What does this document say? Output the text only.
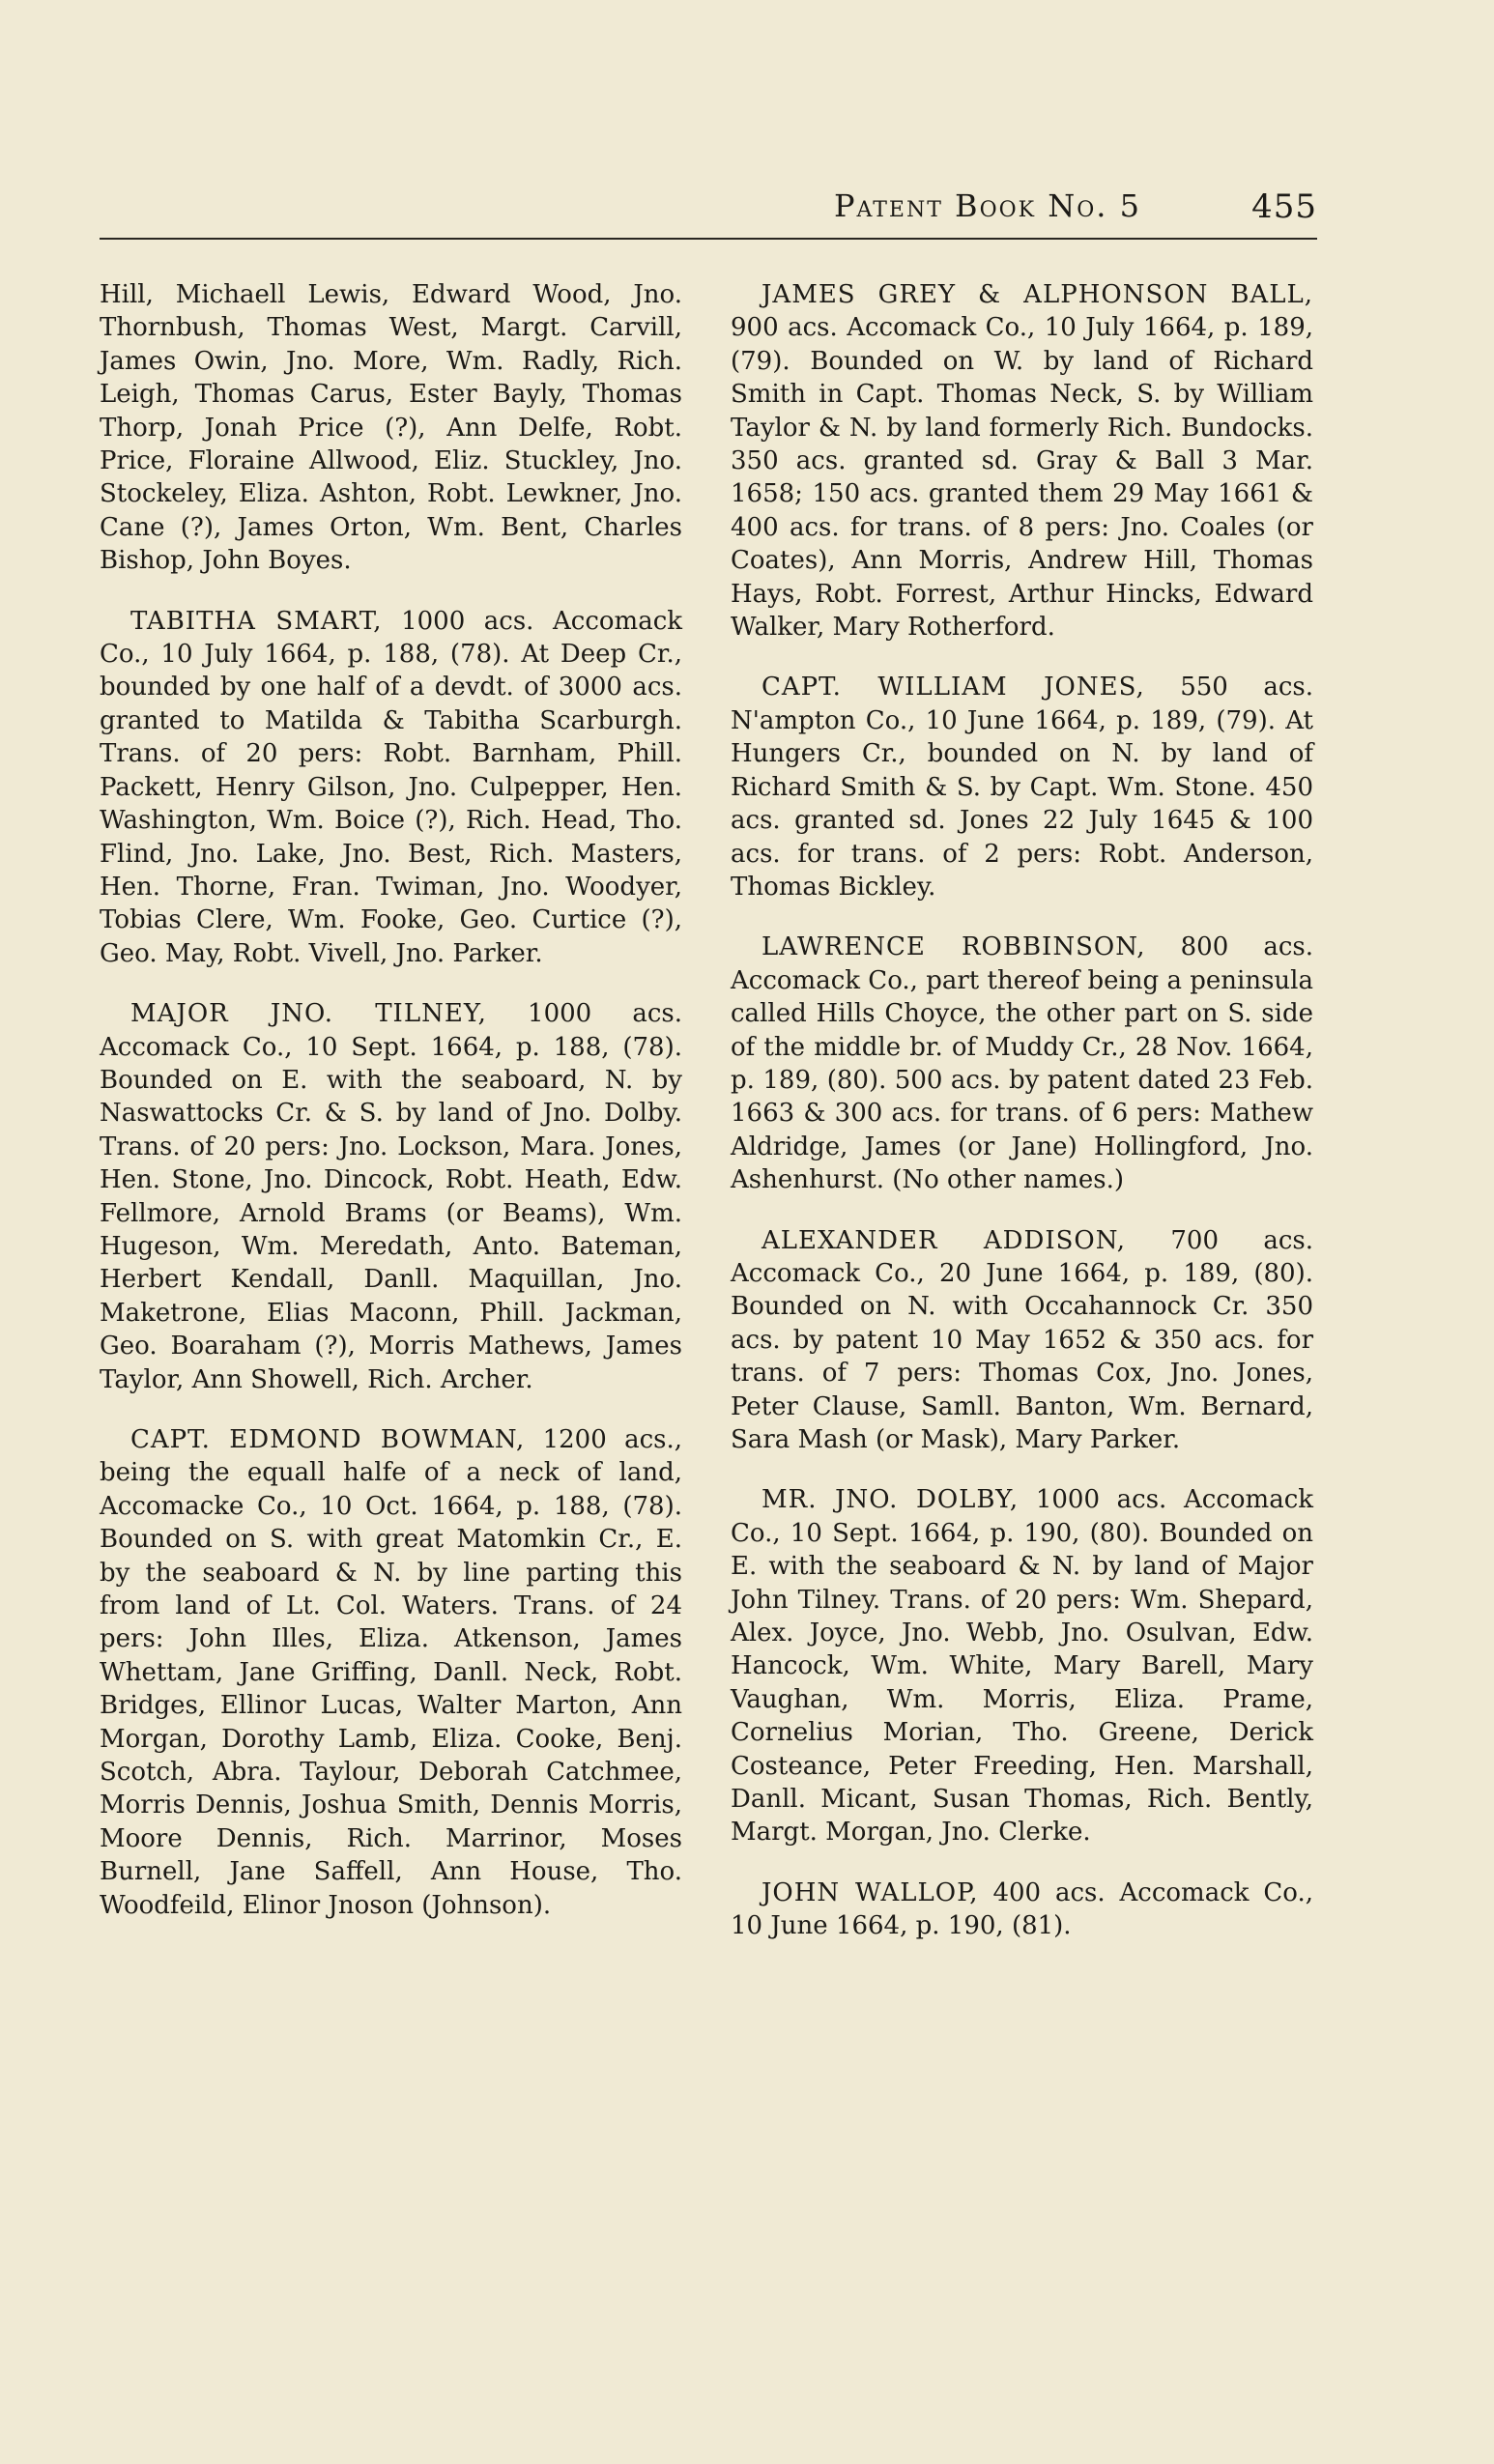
Patent Book No. 5	455

Hill, Michaell Lewis, Edward Wood, Jno. Thornbush, Thomas West, Margt. Carvill, James Owin, Jno. More, Wm. Radly, Rich. Leigh, Thomas Carus, Ester Bayly, Thomas Thorp, Jonah Price (?), Ann Delfe, Robt. Price, Floraine Allwood, Eliz. Stuckley, Jno. Stockeley, Eliza. Ashton, Robt. Lewkner, Jno. Cane (?), James Orton, Wm. Bent, Charles Bishop, John Boyes.

TABITHA SMART, 1000 acs. Accomack Co., 10 July 1664, p. 188, (78). At Deep Cr., bounded by one half of a devdt. of 3000 acs. granted to Matilda & Tabitha Scarburgh. Trans. of 20 pers: Robt. Barnham, Phill. Packett, Henry Gilson, Jno. Culpepper, Hen. Washington, Wm. Boice (?), Rich. Head, Tho. Flind, Jno. Lake, Jno. Best, Rich. Masters, Hen. Thorne, Fran. Twiman, Jno. Woodyer, Tobias Clere, Wm. Fooke, Geo. Curtice (?), Geo. May, Robt. Vivell, Jno. Parker.

MAJOR JNO. TILNEY, 1000 acs. Accomack Co., 10 Sept. 1664, p. 188, (78). Bounded on E. with the seaboard, N. by Naswattocks Cr. & S. by land of Jno. Dolby. Trans. of 20 pers: Jno. Lockson, Mara. Jones, Hen. Stone, Jno. Dincock, Robt. Heath, Edw. Fellmore, Arnold Brams (or Beams), Wm. Hugeson, Wm. Meredath, Anto. Bateman, Herbert Kendall, Danll. Maquillan, Jno. Maketrone, Elias Maconn, Phill. Jackman, Geo. Boaraham (?), Morris Mathews, James Taylor, Ann Showell, Rich. Archer.

CAPT. EDMOND BOWMAN, 1200 acs., being the equall halfe of a neck of land, Accomacke Co., 10 Oct. 1664, p. 188, (78). Bounded on S. with great Matomkin Cr., E. by the seaboard & N. by line parting this from land of Lt. Col. Waters. Trans. of 24 pers: John Illes, Eliza. Atkenson, James Whettam, Jane Griffing, Danll. Neck, Robt. Bridges, Ellinor Lucas, Walter Marton, Ann Morgan, Dorothy Lamb, Eliza. Cooke, Benj. Scotch, Abra. Taylour, Deborah Catchmee, Morris Dennis, Joshua Smith, Dennis Morris, Moore Dennis, Rich. Marrinor, Moses Burnell, Jane Saffell, Ann House, Tho. Woodfeild, Elinor Jnoson (Johnson).

JAMES GREY & ALPHONSON BALL, 900 acs. Accomack Co., 10 July 1664, p. 189, (79). Bounded on W. by land of Richard Smith in Capt. Thomas Neck, S. by William Taylor & N. by land formerly Rich. Bundocks. 350 acs. granted sd. Gray & Ball 3 Mar. 1658; 150 acs. granted them 29 May 1661 & 400 acs. for trans. of 8 pers: Jno. Coales (or Coates), Ann Morris, Andrew Hill, Thomas Hays, Robt. Forrest, Arthur Hincks, Edward Walker, Mary Rotherford.

CAPT. WILLIAM JONES, 550 acs. N'ampton Co., 10 June 1664, p. 189, (79). At Hungers Cr., bounded on N. by land of Richard Smith & S. by Capt. Wm. Stone. 450 acs. granted sd. Jones 22 July 1645 & 100 acs. for trans. of 2 pers: Robt. Anderson, Thomas Bickley.

LAWRENCE ROBBINSON, 800 acs. Accomack Co., part thereof being a peninsula called Hills Choyce, the other part on S. side of the middle br. of Muddy Cr., 28 Nov. 1664, p. 189, (80). 500 acs. by patent dated 23 Feb. 1663 & 300 acs. for trans. of 6 pers: Mathew Aldridge, James (or Jane) Hollingford, Jno. Ashenhurst. (No other names.)

ALEXANDER ADDISON, 700 acs. Accomack Co., 20 June 1664, p. 189, (80). Bounded on N. with Occahannock Cr. 350 acs. by patent 10 May 1652 & 350 acs. for trans. of 7 pers: Thomas Cox, Jno. Jones, Peter Clause, Samll. Banton, Wm. Bernard, Sara Mash (or Mask), Mary Parker.

MR. JNO. DOLBY, 1000 acs. Accomack Co., 10 Sept. 1664, p. 190, (80). Bounded on E. with the seaboard & N. by land of Major John Tilney. Trans. of 20 pers: Wm. Shepard, Alex. Joyce, Jno. Webb, Jno. Osulvan, Edw. Hancock, Wm. White, Mary Barell, Mary Vaughan, Wm. Morris, Eliza. Prame, Cornelius Morian, Tho. Greene, Derick Costeance, Peter Freeding, Hen. Marshall, Danll. Micant, Susan Thomas, Rich. Bently, Margt. Morgan, Jno. Clerke.

JOHN WALLOP, 400 acs. Accomack Co., 10 June 1664, p. 190, (81).
